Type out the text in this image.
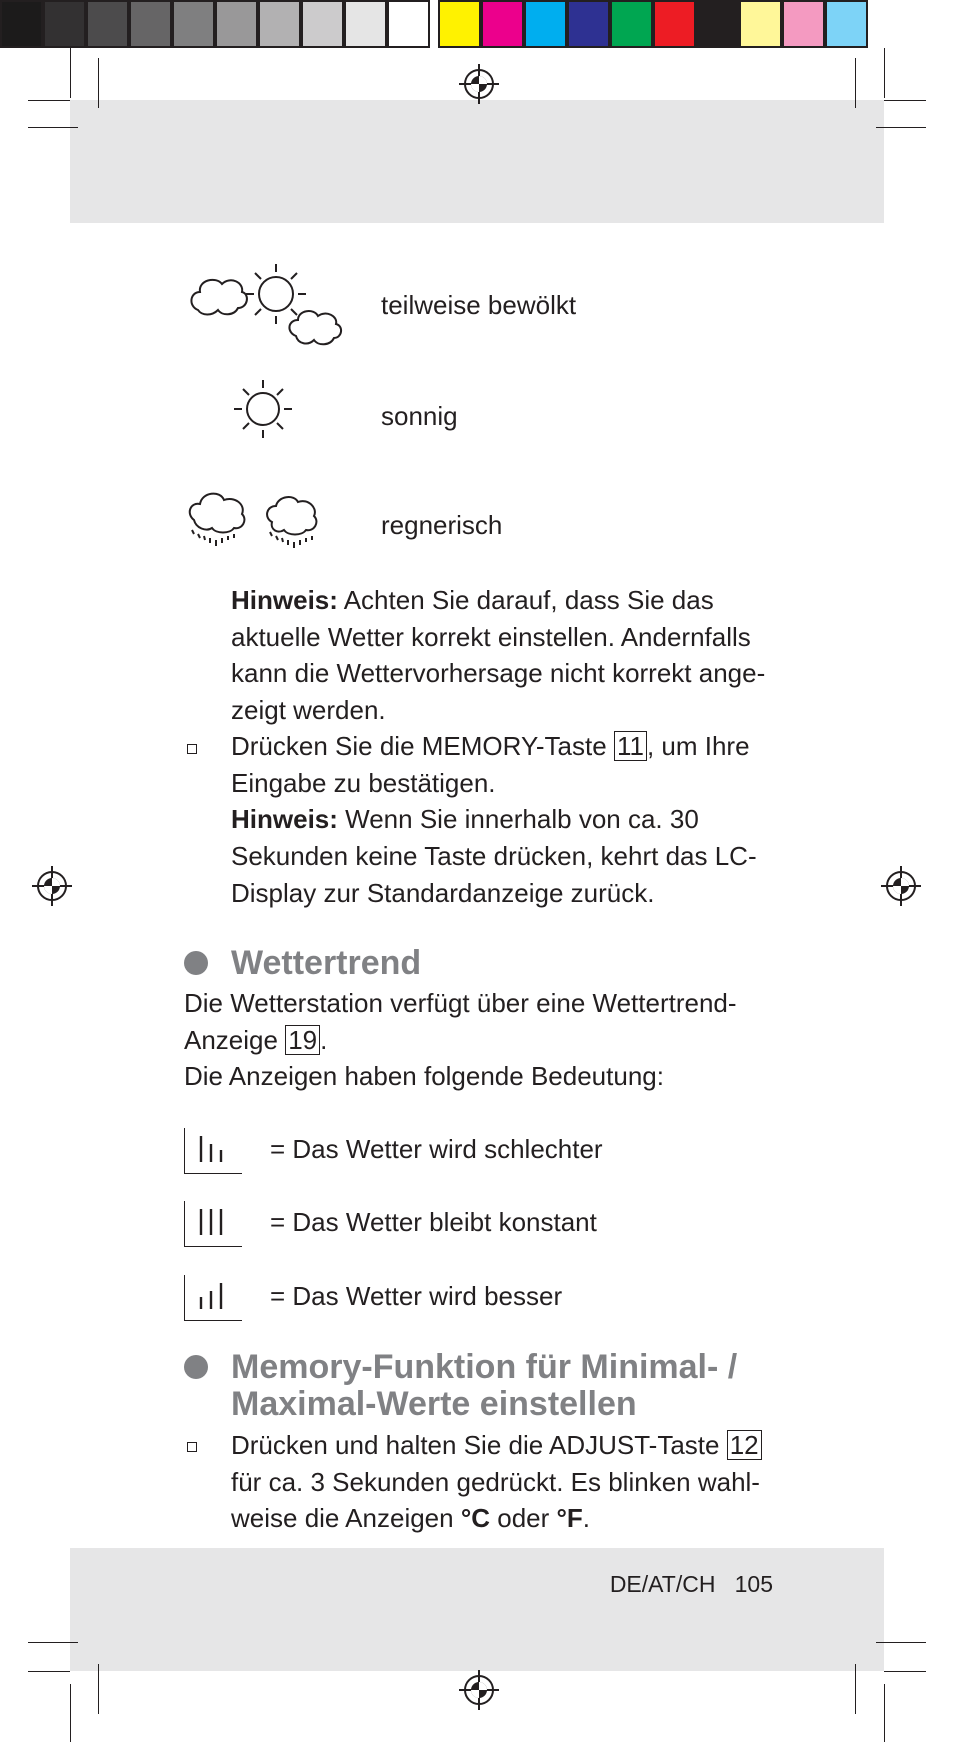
teilweise bewölkt
sonnig
regnerisch
Hinweis: Achten Sie darauf, dass Sie das aktuelle Wetter korrekt einstellen. Andernfalls kann die Wettervorhersage nicht korrekt ange-zeigt werden.
Drücken Sie die MEMORY-Taste 11 , um Ihre Eingabe zu bestätigen.
Hinweis: Wenn Sie innerhalb von ca. 30 Sekunden keine Taste drücken, kehrt das LC-Display zur Standardanzeige zurück.
Wettertrend
Die Wetterstation verfügt über eine Wettertrend-Anzeige 19 .
Die Anzeigen haben folgende Bedeutung:
= Das Wetter wird schlechter
= Das Wetter bleibt konstant
= Das Wetter wird besser
Memory-Funktion für Minimal- /
Maximal-Werte einstellen
Drücken und halten Sie die ADJUST-Taste 12 für ca. 3 Sekunden gedrückt. Es blinken wahl-weise die Anzeigen °C oder °F.
DE/AT/CH 105
